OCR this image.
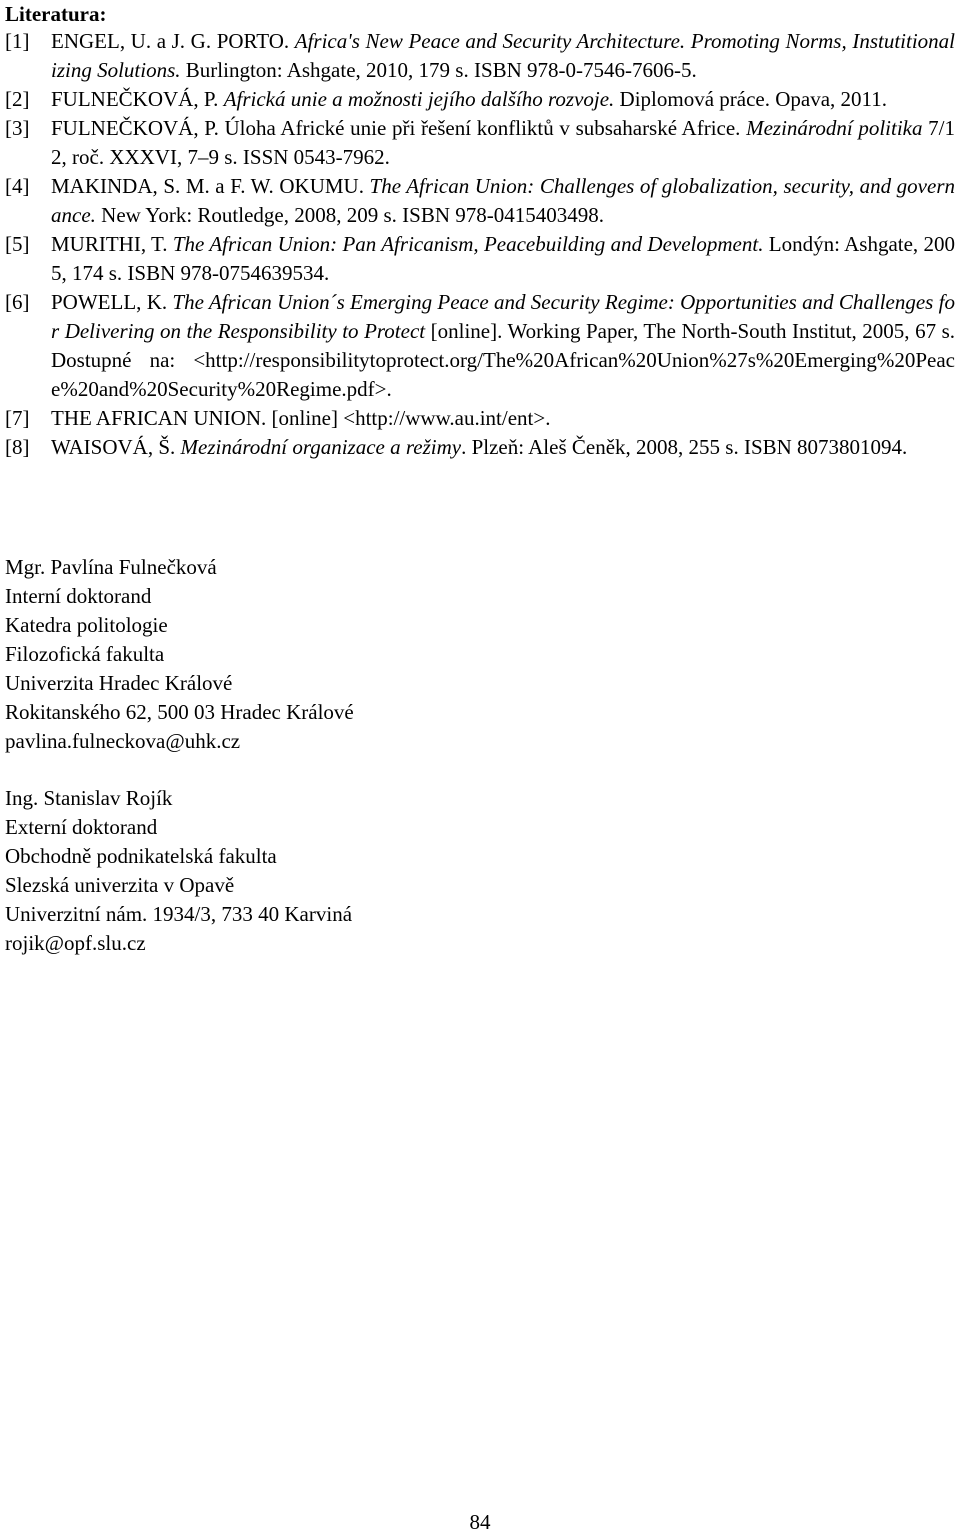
Literatura:
[1] ENGEL, U. a J. G. PORTO. Africa's New Peace and Security Architecture. Promoting Norms, Instutitionalizing Solutions. Burlington: Ashgate, 2010, 179 s. ISBN 978-0-7546-7606-5.
[2] FULNEČKOVÁ, P. Africká unie a možnosti jejího dalšího rozvoje. Diplomová práce. Opava, 2011.
[3] FULNEČKOVÁ, P. Úloha Africké unie při řešení konfliktů v subsaharské Africe. Mezinárodní politika 7/12, roč. XXXVI, 7–9 s. ISSN 0543-7962.
[4] MAKINDA, S. M. a F. W. OKUMU. The African Union: Challenges of globalization, security, and governance. New York: Routledge, 2008, 209 s. ISBN 978-0415403498.
[5] MURITHI, T. The African Union: Pan Africanism, Peacebuilding and Development. Londýn: Ashgate, 2005, 174 s. ISBN 978-0754639534.
[6] POWELL, K. The African Union´s Emerging Peace and Security Regime: Opportunities and Challenges for Delivering on the Responsibility to Protect [online]. Working Paper, The North-South Institut, 2005, 67 s. Dostupné na: <http://responsibilitytoprotect.org/The%20African%20Union%27s%20Emerging%20Peace%20and%20Security%20Regime.pdf>.
[7] THE AFRICAN UNION. [online] <http://www.au.int/ent>.
[8] WAISOVÁ, Š. Mezinárodní organizace a režimy. Plzeň: Aleš Čeněk, 2008, 255 s. ISBN 8073801094.
Mgr. Pavlína Fulnečková
Interní doktorand
Katedra politologie
Filozofická fakulta
Univerzita Hradec Králové
Rokitanského 62, 500 03 Hradec Králové
pavlina.fulneckova@uhk.cz
Ing. Stanislav Rojík
Externí doktorand
Obchodně podnikatelská fakulta
Slezská univerzita v Opavě
Univerzitní nám. 1934/3, 733 40 Karviná
rojik@opf.slu.cz
84
